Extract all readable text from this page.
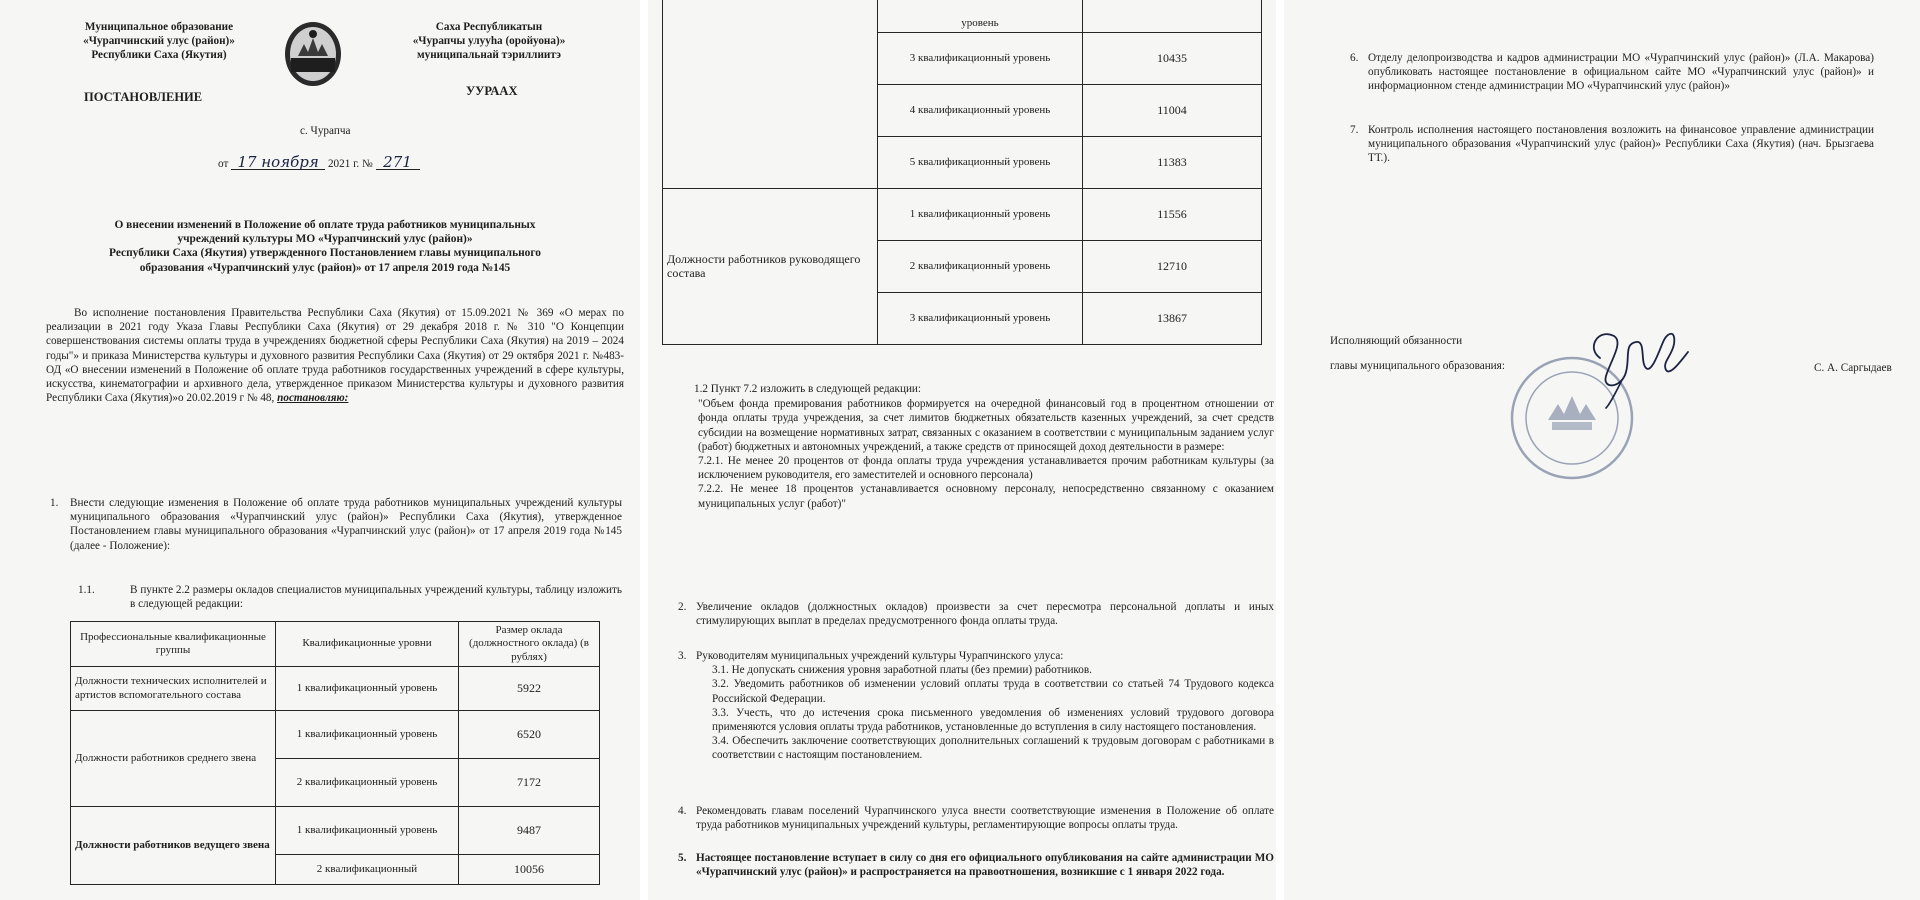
Муниципальное образование
«Чурапчинский улус (район)»
Республики Саха (Якутия)
Саха Республикатын
«Чурапчы улууhа (оройуона)»
муниципальнай тэриллиитэ
ПОСТАНОВЛЕНИЕ	УУРААХ
с. Чурапча
от 17 ноября 2021 г. № 271
О внесении изменений в Положение об оплате труда работников муниципальных
учреждений культуры МО «Чурапчинский улус (район)»
Республики Саха (Якутия) утвержденного Постановлением главы муниципального
образования «Чурапчинский улус (район)» от 17 апреля 2019 года №145
Во исполнение постановления Правительства Республики Саха (Якутия) от 15.09.2021 № 369 «О мерах по реализации в 2021 году Указа Главы Республики Саха (Якутия) от 29 декабря 2018 г. № 310 "О Концепции совершенствования системы оплаты труда в учреждениях бюджетной сферы Республики Саха (Якутия) на 2019 – 2024 годы"» и приказа Министерства культуры и духовного развития Республики Саха (Якутия) от 29 октября 2021 г. №483-ОД «О внесении изменений в Положение об оплате труда работников государственных учреждений в сфере культуры, искусства, кинематографии и архивного дела, утвержденное приказом Министерства культуры и духовного развития Республики Саха (Якутия)»о 20.02.2019 г № 48, постановляю:
1. Внести следующие изменения в Положение об оплате труда работников муниципальных учреждений культуры муниципального образования «Чурапчинский улус (район)» Республики Саха (Якутия), утвержденное Постановлением главы муниципального образования «Чурапчинский улус (район)» от 17 апреля 2019 года №145 (далее - Положение):
1.1.	В пункте 2.2 размеры окладов специалистов муниципальных учреждений культуры, таблицу изложить в следующей редакции:
Профессиональные квалификационные группы	Квалификационные уровни	Размер оклада (должностного оклада) (в рублях)
Должности технических исполнителей и артистов вспомогательного состава	1 квалификационный уровень	5922
Должности работников среднего звена	1 квалификационный уровень	6520
	2 квалификационный уровень	7172
Должности работников ведущего звена	1 квалификационный уровень	9487
	2 квалификационный	10056
	уровень	
	3 квалификационный уровень	10435
	4 квалификационный уровень	11004
	5 квалификационный уровень	11383
Должности работников руководящего состава	1 квалификационный уровень	11556
	2 квалификационный уровень	12710
	3 квалификационный уровень	13867
1.2 Пункт 7.2 изложить в следующей редакции:
"Объем фонда премирования работников формируется на очередной финансовый год в процентном отношении от фонда оплаты труда учреждения, за счет лимитов бюджетных обязательств казенных учреждений, за счет средств субсидии на возмещение нормативных затрат, связанных с оказанием в соответствии с муниципальным заданием услуг (работ) бюджетных и автономных учреждений, а также средств от приносящей доход деятельности в размере:
7.2.1. Не менее 20 процентов от фонда оплаты труда учреждения устанавливается прочим работникам культуры (за исключением руководителя, его заместителей и основного персонала)
7.2.2. Не менее 18 процентов устанавливается основному персоналу, непосредственно связанному с оказанием муниципальных услуг (работ)"
2. Увеличение окладов (должностных окладов) произвести за счет пересмотра персональной доплаты и иных стимулирующих выплат в пределах предусмотренного фонда оплаты труда.
3. Руководителям муниципальных учреждений культуры Чурапчинского улуса:
3.1. Не допускать снижения уровня заработной платы (без премии) работников.
3.2. Уведомить работников об изменении условий оплаты труда в соответствии со статьей 74 Трудового кодекса Российской Федерации.
3.3. Учесть, что до истечения срока письменного уведомления об изменениях условий трудового договора применяются условия оплаты труда работников, установленные до вступления в силу настоящего постановления.
3.4. Обеспечить заключение соответствующих дополнительных соглашений к трудовым договорам с работниками в соответствии с настоящим постановлением.
4. Рекомендовать главам поселений Чурапчинского улуса внести соответствующие изменения в Положение об оплате труда работников муниципальных учреждений культуры, регламентирующие вопросы оплаты труда.
5. Настоящее постановление вступает в силу со дня его официального опубликования на сайте администрации МО «Чурапчинский улус (район)» и распространяется на правоотношения, возникшие с 1 января 2022 года.
6. Отделу делопроизводства и кадров администрации МО «Чурапчинский улус (район)» (Л.А. Макарова) опубликовать настоящее постановление в официальном сайте МО «Чурапчинский улус (район)» и информационном стенде администрации МО «Чурапчинский улус (район)»
7. Контроль исполнения настоящего постановления возложить на финансовое управление администрации муниципального образования «Чурапчинский улус (район)» Республики Саха (Якутия) (нач. Брызгаева ТТ.).
Исполняющий обязанности
главы муниципального образования:	С. А. Саргыдаев
